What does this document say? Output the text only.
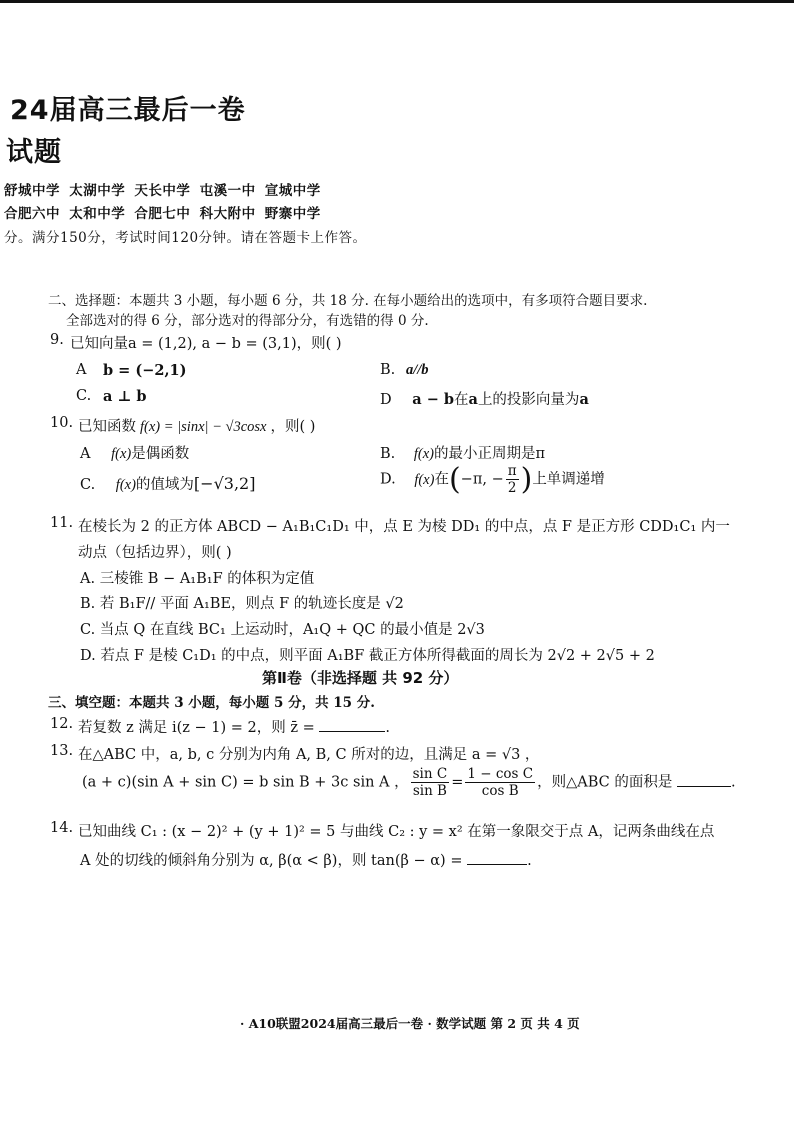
24届高三最后一卷
试题
舒城中学 太湖中学 天长中学 屯溪一中 宣城中学
合肥六中 太和中学 合肥七中 科大附中 野寨中学
分。满分150分，考试时间120分钟。请在答题卡上作答。
二、选择题：本题共 3 小题，每小题 6 分，共 18 分. 在每小题给出的选项中，有多项符合题目要求.
全部选对的得 6 分，部分选对的得部分分，有选错的得 0 分.
9. 已知向量a = (1,2), a − b = (3,1)，则( )
A b = (−2,1)	B. a//b
C. a ⊥ b	D a − b在a上的投影向量为a
10. 已知函数 f(x) = |sinx| − √3cosx ，则( )
A f(x)是偶函数	B. f(x)的最小正周期是π
C. f(x)的值域为[−√3,2]	D. f(x)在(−π, − $\frac{\pi}{2}$ )上单调递增
11. 在棱长为 2 的正方体 ABCD − A₁B₁C₁D₁ 中，点 E 为棱 DD₁ 的中点，点 F 是正方形 CDD₁C₁ 内一
动点（包括边界），则( )
A. 三棱锥 B − A₁B₁F 的体积为定值
B. 若 B₁F// 平面 A₁BE，则点 F 的轨迹长度是 √2
C. 当点 Q 在直线 BC₁ 上运动时，A₁Q + QC 的最小值是 2√3
D. 若点 F 是棱 C₁D₁ 的中点，则平面 A₁BF 截正方体所得截面的周长为 2√2 + 2√5 + 2
第Ⅱ卷（非选择题 共 92 分）
三、填空题：本题共 3 小题，每小题 5 分，共 15 分.
12. 若复数 z 满足 i(z − 1) = 2，则 z̄ =	.
13. 在△ABC 中，a, b, c 分别为内角 A, B, C 所对的边，且满足 a = √3 ，
(a + c)(sin A + sin C) = b sin B + 3c sin A ， $\frac{\text{sin C}}{\text{sin B}} = \frac{\text{1 − cos C}}{\text{cos B}}$ ，则△ABC 的面积是	.
14. 已知曲线 C₁ : (x − 2)² + (y + 1)² = 5 与曲线 C₂ : y = x² 在第一象限交于点 A，记两条曲线在点
A 处的切线的倾斜角分别为 α, β(α < β)，则 tan(β − α) =	.
· A10联盟2024届高三最后一卷 · 数学试题 第 2 页 共 4 页
